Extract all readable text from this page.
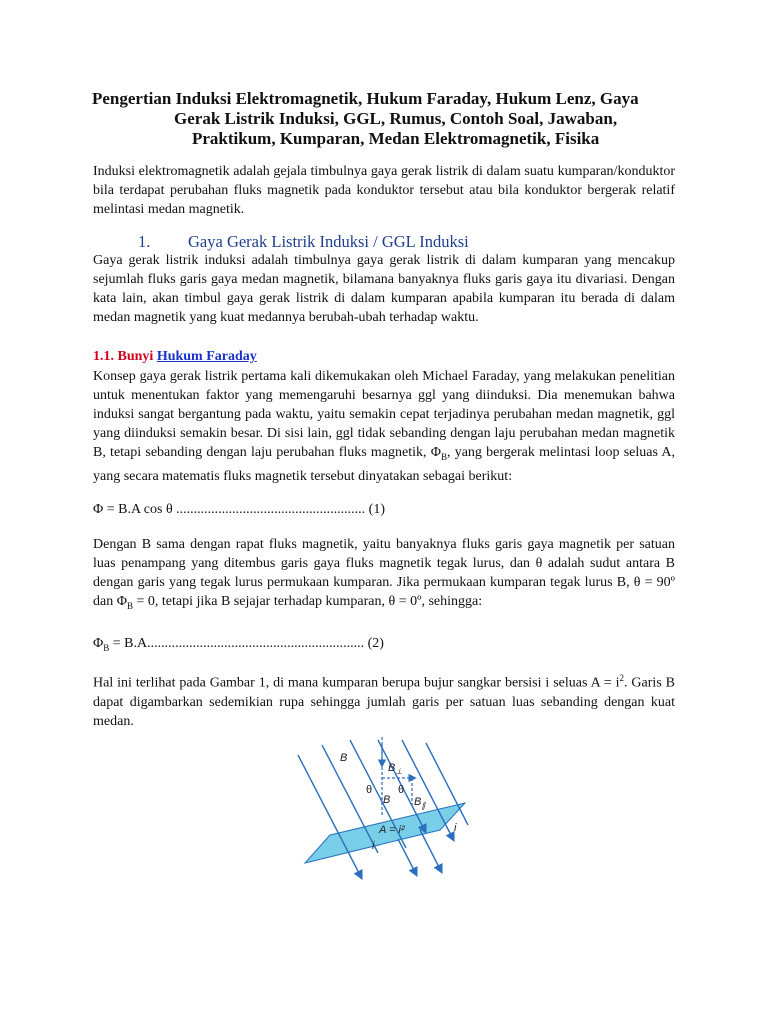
Pengertian Induksi Elektromagnetik, Hukum Faraday, Hukum Lenz, Gaya
Gerak Listrik Induksi, GGL, Rumus, Contoh Soal, Jawaban,
Praktikum, Kumparan, Medan Elektromagnetik, Fisika
Induksi elektromagnetik adalah gejala timbulnya gaya gerak listrik di dalam suatu kumparan/konduktor bila terdapat perubahan fluks magnetik pada konduktor tersebut atau bila konduktor bergerak relatif melintasi medan magnetik.
1. Gaya Gerak Listrik Induksi / GGL Induksi
Gaya gerak listrik induksi adalah timbulnya gaya gerak listrik di dalam kumparan yang mencakup sejumlah fluks garis gaya medan magnetik, bilamana banyaknya fluks garis gaya itu divariasi. Dengan kata lain, akan timbul gaya gerak listrik di dalam kumparan apabila kumparan itu berada di dalam medan magnetik yang kuat medannya berubah-ubah terhadap waktu.
1.1. Bunyi Hukum Faraday
Konsep gaya gerak listrik pertama kali dikemukakan oleh Michael Faraday, yang melakukan penelitian untuk menentukan faktor yang memengaruhi besarnya ggl yang diinduksi. Dia menemukan bahwa induksi sangat bergantung pada waktu, yaitu semakin cepat terjadinya perubahan medan magnetik, ggl yang diinduksi semakin besar. Di sisi lain, ggl tidak sebanding dengan laju perubahan medan magnetik B, tetapi sebanding dengan laju perubahan fluks magnetik, $\Phi_B$, yang bergerak melintasi loop seluas A, yang secara matematis fluks magnetik tersebut dinyatakan sebagai berikut:
Φ = B.A cos θ ...................................................... (1)
Dengan B sama dengan rapat fluks magnetik, yaitu banyaknya fluks garis gaya magnetik per satuan luas penampang yang ditembus garis gaya fluks magnetik tegak lurus, dan θ adalah sudut antara B dengan garis yang tegak lurus permukaan kumparan. Jika permukaan kumparan tegak lurus B, θ = 90º dan $\Phi_B = 0$, tetapi jika B sejajar terhadap kumparan, θ = 0º, sehingga:
$\Phi_B = B.A$.............................................................. (2)
Hal ini terlihat pada Gambar 1, di mana kumparan berupa bujur sangkar bersisi i seluas $A = i^2$. Garis B dapat digambarkan sedemikian rupa sehingga jumlah garis per satuan luas sebanding dengan kuat medan.
B
$B_\perp$
θ θ
B $B_\parallel$
A = i²
i
i
